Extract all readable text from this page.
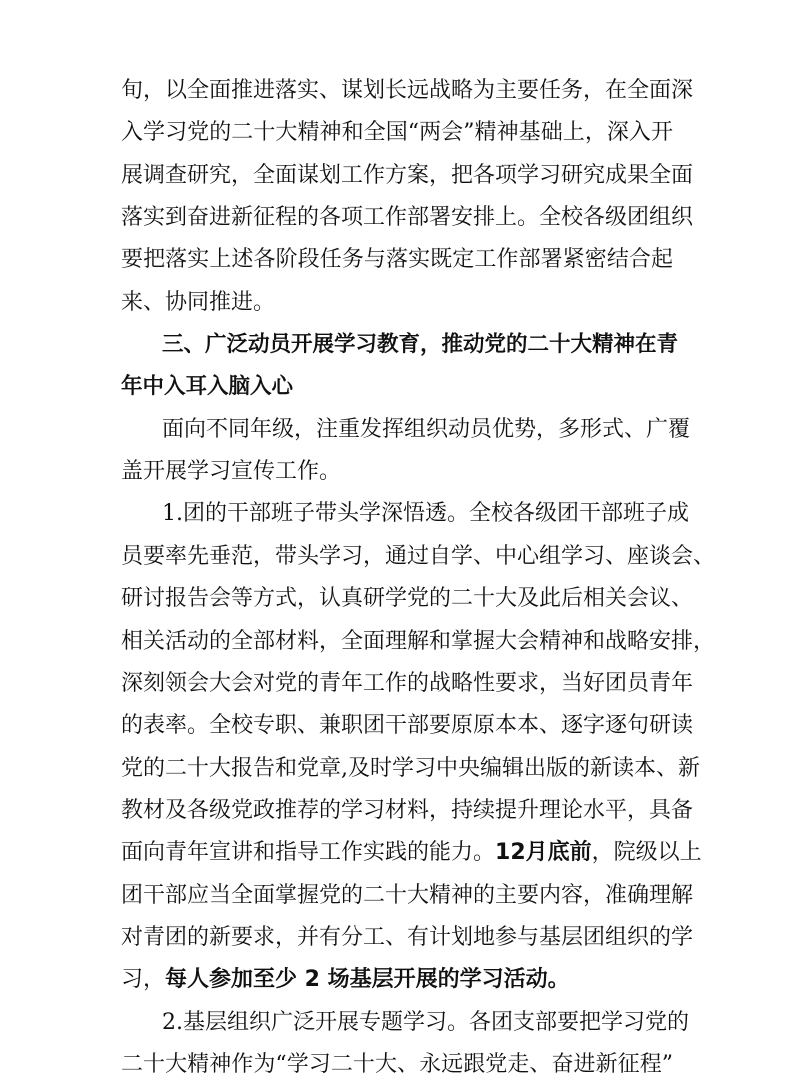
旬，以全面推进落实、谋划长远战略为主要任务，在全面深
入学习党的二十大精神和全国“两会”精神基础上，深入开
展调查研究，全面谋划工作方案，把各项学习研究成果全面
落实到奋进新征程的各项工作部署安排上。全校各级团组织
要把落实上述各阶段任务与落实既定工作部署紧密结合起
来、协同推进。
三、广泛动员开展学习教育，推动党的二十大精神在青
年中入耳入脑入心
面向不同年级，注重发挥组织动员优势，多形式、广覆
盖开展学习宣传工作。
1.团的干部班子带头学深悟透。全校各级团干部班子成
员要率先垂范，带头学习，通过自学、中心组学习、座谈会、
研讨报告会等方式，认真研学党的二十大及此后相关会议、
相关活动的全部材料，全面理解和掌握大会精神和战略安排，
深刻领会大会对党的青年工作的战略性要求，当好团员青年
的表率。全校专职、兼职团干部要原原本本、逐字逐句研读
党的二十大报告和党章,及时学习中央编辑出版的新读本、新
教材及各级党政推荐的学习材料，持续提升理论水平，具备
面向青年宣讲和指导工作实践的能力。12月底前，院级以上
团干部应当全面掌握党的二十大精神的主要内容，准确理解
对青团的新要求，并有分工、有计划地参与基层团组织的学
习，每人参加至少 2 场基层开展的学习活动。
2.基层组织广泛开展专题学习。各团支部要把学习党的
二十大精神作为“学习二十大、永远跟党走、奋进新征程”
